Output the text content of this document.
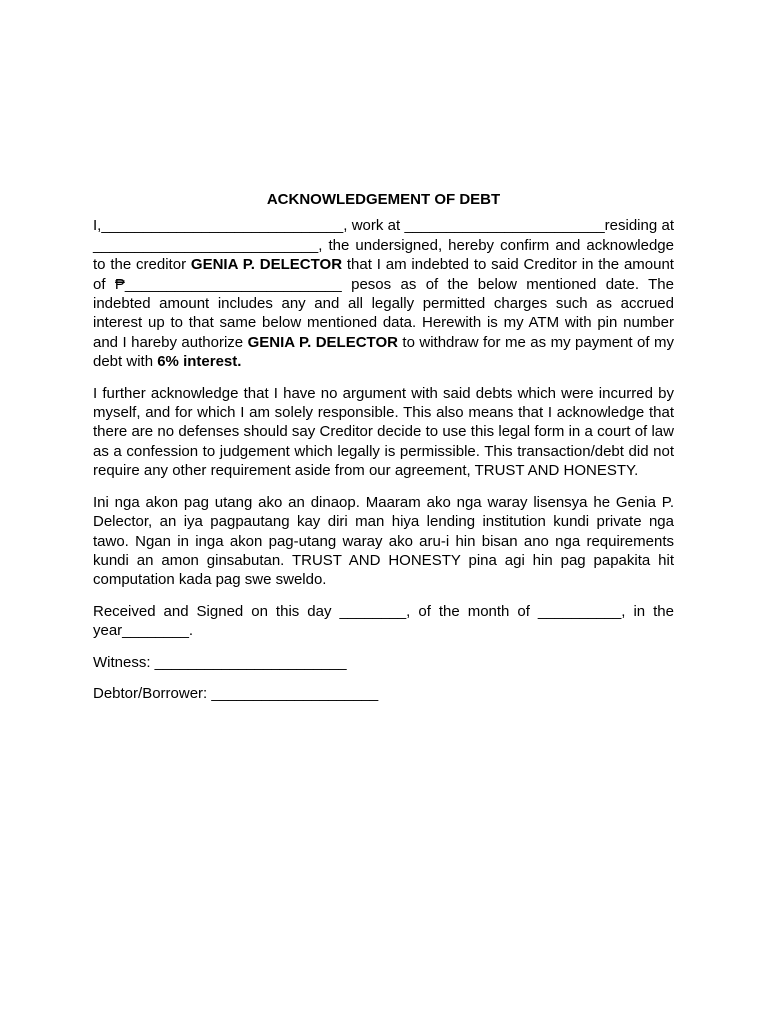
ACKNOWLEDGEMENT OF DEBT

I,_____________________________, work at ________________________residing at ___________________________, the undersigned, hereby confirm and acknowledge to the creditor GENIA P. DELECTOR that I am indebted to said Creditor in the amount of ₱__________________________ pesos as of the below mentioned date. The indebted amount includes any and all legally permitted charges such as accrued interest up to that same below mentioned data. Herewith is my ATM with pin number and I hareby authorize GENIA P. DELECTOR to withdraw for me as my payment of my debt with 6% interest.

I further acknowledge that I have no argument with said debts which were incurred by myself, and for which I am solely responsible. This also means that I acknowledge that there are no defenses should say Creditor decide to use this legal form in a court of law as a confession to judgement which legally is permissible. This transaction/debt did not require any other requirement aside from our agreement, TRUST AND HONESTY.

Ini nga akon pag utang ako an dinaop. Maaram ako nga waray lisensya he Genia P. Delector, an iya pagpautang kay diri man hiya lending institution kundi private nga tawo. Ngan in inga akon pag-utang waray ako aru-i hin bisan ano nga requirements kundi an amon ginsabutan. TRUST AND HONESTY pina agi hin pag papakita hit computation kada pag swe sweldo.

Received and Signed on this day ________, of the month of __________, in the year________.

Witness: _______________________

Debtor/Borrower: ____________________
